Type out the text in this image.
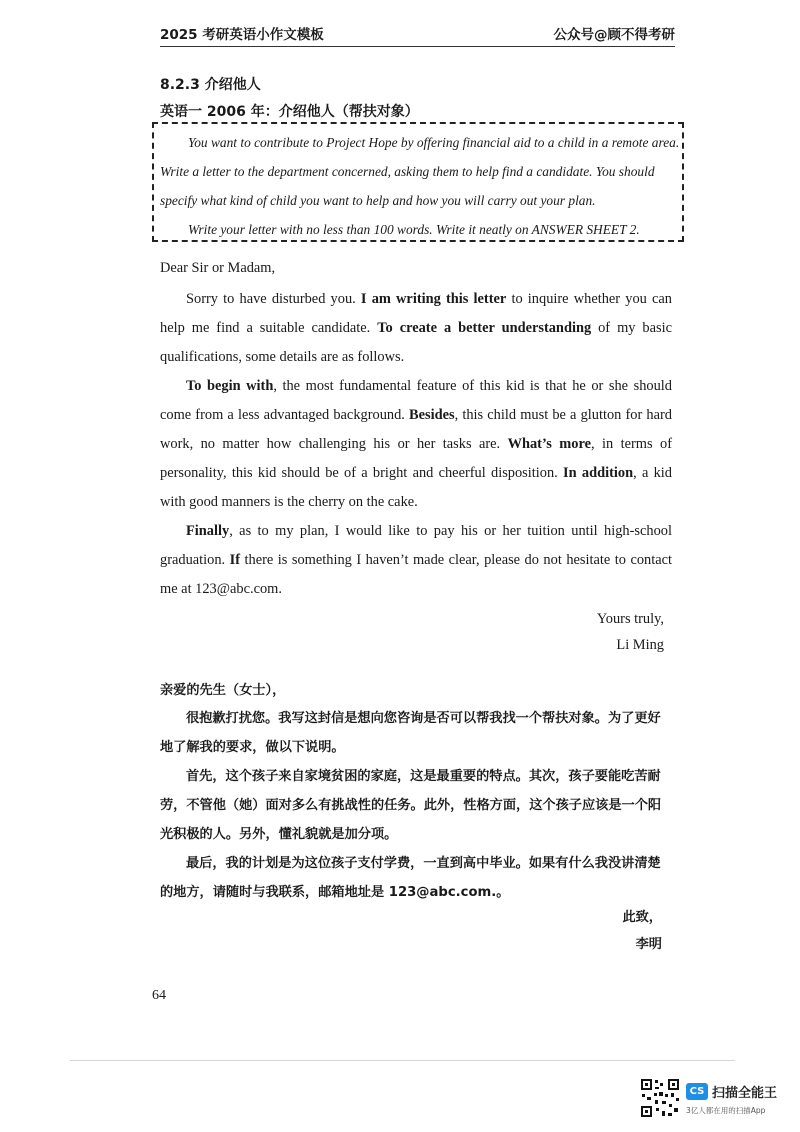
2025 考研英语小作文模板	公众号@顾不得考研
8.2.3 介绍他人
英语一 2006 年：介绍他人（帮扶对象）

You want to contribute to Project Hope by offering financial aid to a child in a remote area.

Write a letter to the department concerned, asking them to help find a candidate. You should

specify what kind of child you want to help and how you will carry out your plan.

Write your letter with no less than 100 words. Write it neatly on ANSWER SHEET 2.

Dear Sir or Madam,

Sorry to have disturbed you. I am writing this letter to inquire whether you can help me find a suitable candidate. To create a better understanding of my basic qualifications, some details are as follows.

To begin with, the most fundamental feature of this kid is that he or she should come from a less advantaged background. Besides, this child must be a glutton for hard work, no matter how challenging his or her tasks are. What’s more, in terms of personality, this kid should be of a bright and cheerful disposition. In addition, a kid with good manners is the cherry on the cake.

Finally, as to my plan, I would like to pay his or her tuition until high-school graduation. If there is something I haven’t made clear, please do not hesitate to contact me at 123@abc.com.

Yours truly,
Li Ming

亲爱的先生（女士），

很抱歉打扰您。我写这封信是想向您咨询是否可以帮我找一个帮扶对象。为了更好地了解我的要求，做以下说明。

首先，这个孩子来自家境贫困的家庭，这是最重要的特点。其次，孩子要能吃苦耐劳，不管他（她）面对多么有挑战性的任务。此外，性格方面，这个孩子应该是一个阳光积极的人。另外，懂礼貌就是加分项。

最后，我的计划是为这位孩子支付学费，一直到高中毕业。如果有什么我没讲清楚的地方，请随时与我联系，邮箱地址是 123@abc.com.。

此致，
李明
64
CS 扫描全能王
3亿人都在用的扫描App
